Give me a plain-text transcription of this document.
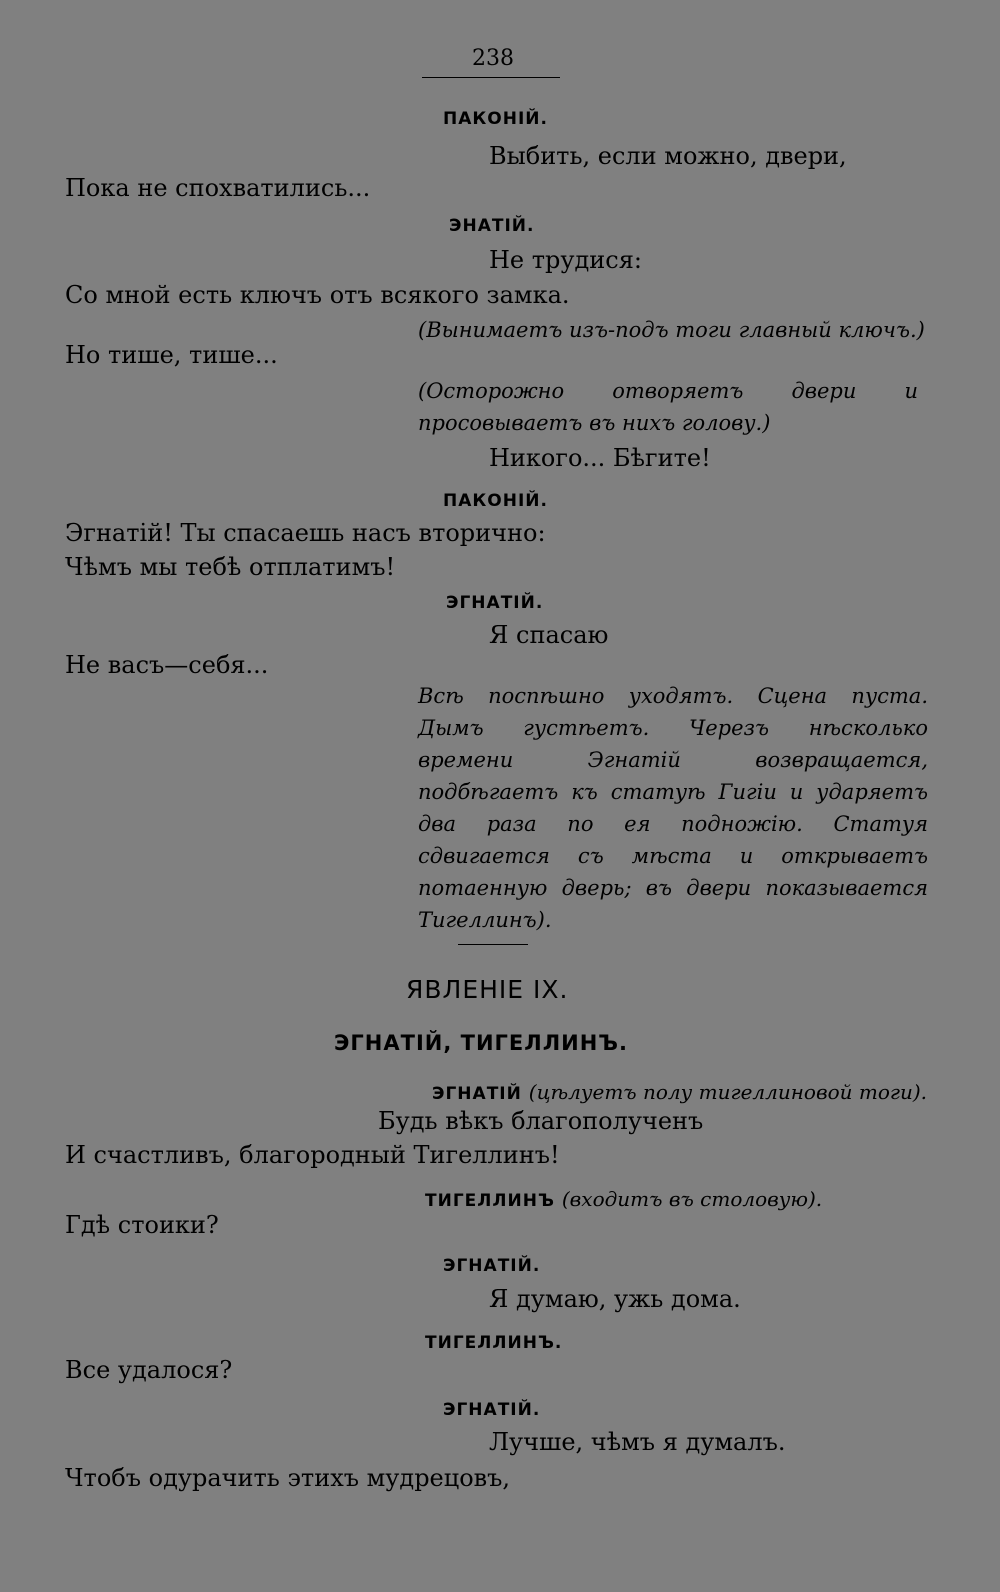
238
ПАКОНІЙ.
Выбить, если можно, двери,
Пока не спохватились...
ЭНАТІЙ.
Не трудися:
Со мной есть ключъ отъ всякого замка.
(Вынимаетъ изъ-подъ тоги главный ключъ.)
Но тише, тише...
(Осторожно отворяетъ двери и просовываетъ въ нихъ голову.)
Никого... Бѣгите!
ПАКОНІЙ.
Эгнатій! Ты спасаешь насъ вторично:
Чѣмъ мы тебѣ отплатимъ!
ЭГНАТІЙ.
Я спасаю
Не васъ—себя...
Всѣ поспѣшно уходятъ. Сцена пуста. Дымъ густѣетъ. Черезъ нѣсколько времени Эгнатій возвращается, подбѣгаетъ къ статуѣ Гигіи и ударяетъ два раза по ея подножію. Статуя сдвигается съ мѣста и открываетъ потаенную дверь; въ двери показывается Тигеллинъ).
ЯВЛЕНІЕ IX.
ЭГНАТІЙ, ТИГЕЛЛИНЪ.
ЭГНАТІЙ (цѣлуетъ полу тигеллиновой тоги).
Будь вѣкъ благополученъ
И счастливъ, благородный Тигеллинъ!
ТИГЕЛЛИНЪ (входитъ въ столовую).
Гдѣ стоики?
ЭГНАТІЙ.
Я думаю, ужь дома.
ТИГЕЛЛИНЪ.
Все удалося?
ЭГНАТІЙ.
Лучше, чѣмъ я думалъ.
Чтобъ одурачить этихъ мудрецовъ,
